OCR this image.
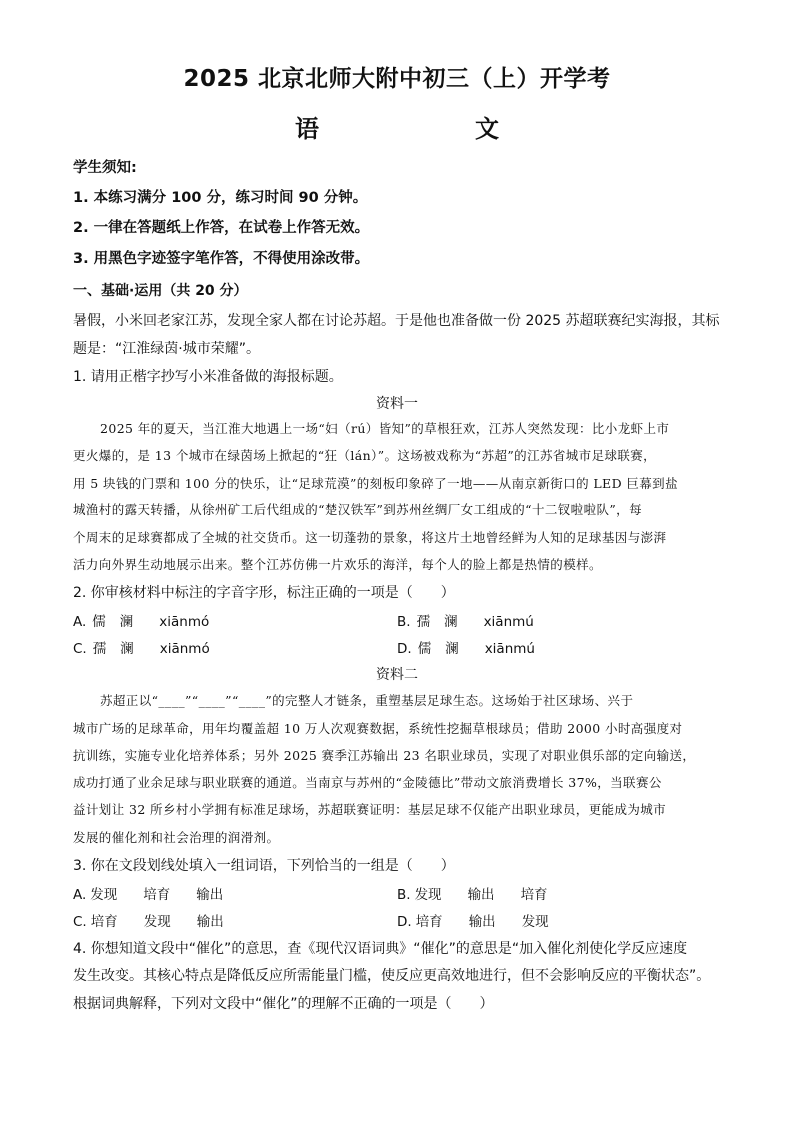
2025 北京北师大附中初三（上）开学考
语　　文
学生须知:
1. 本练习满分 100 分，练习时间 90 分钟。
2. 一律在答题纸上作答，在试卷上作答无效。
3. 用黑色字迹签字笔作答，不得使用涂改带。
一、基础·运用（共 20 分）
暑假，小米回老家江苏，发现全家人都在讨论苏超。于是他也准备做一份 2025 苏超联赛纪实海报，其标
题是：“江淮绿茵·城市荣耀”。
1. 请用正楷字抄写小米准备做的海报标题。
资料一
2025 年的夏天，当江淮大地遇上一场“妇（rú）皆知”的草根狂欢，江苏人突然发现：比小龙虾上市
更火爆的，是 13 个城市在绿茵场上掀起的“狂（lán）”。这场被戏称为“苏超”的江苏省城市足球联赛，
用 5 块钱的门票和 100 分的快乐，让“足球荒漠”的刻板印象碎了一地——从南京新街口的 LED 巨幕到盐
城渔村的露天转播，从徐州矿工后代组成的“楚汉铁军”到苏州丝绸厂女工组成的“十二钗啦啦队”，每
个周末的足球赛都成了全城的社交货币。这一切蓬勃的景象，将这片土地曾经鲜为人知的足球基因与澎湃
活力向外界生动地展示出来。整个江苏仿佛一片欢乐的海洋，每个人的脸上都是热情的模样。
2. 你审核材料中标注的字音字形，标注正确的一项是（　　）
A. 儒 澜 xiānmó	B. 孺 澜 xiānmú
C. 孺 澜 xiānmó	D. 儒 澜 xiānmú
资料二
苏超正以“____”“____”“____”的完整人才链条，重塑基层足球生态。这场始于社区球场、兴于
城市广场的足球革命，用年均覆盖超 10 万人次观赛数据，系统性挖掘草根球员；借助 2000 小时高强度对
抗训练，实施专业化培养体系；另外 2025 赛季江苏输出 23 名职业球员，实现了对职业俱乐部的定向输送，
成功打通了业余足球与职业联赛的通道。当南京与苏州的“金陵德比”带动文旅消费增长 37%，当联赛公
益计划让 32 所乡村小学拥有标准足球场，苏超联赛证明：基层足球不仅能产出职业球员，更能成为城市
发展的催化剂和社会治理的润滑剂。
3. 你在文段划线处填入一组词语，下列恰当的一组是（　　）
A. 发现 培育 输出	B. 发现 输出 培育
C. 培育 发现 输出	D. 培育 输出 发现
4. 你想知道文段中“催化”的意思，查《现代汉语词典》“催化”的意思是“加入催化剂使化学反应速度
发生改变。其核心特点是降低反应所需能量门槛，使反应更高效地进行，但不会影响反应的平衡状态”。
根据词典解释，下列对文段中“催化”的理解不正确的一项是（　　）
